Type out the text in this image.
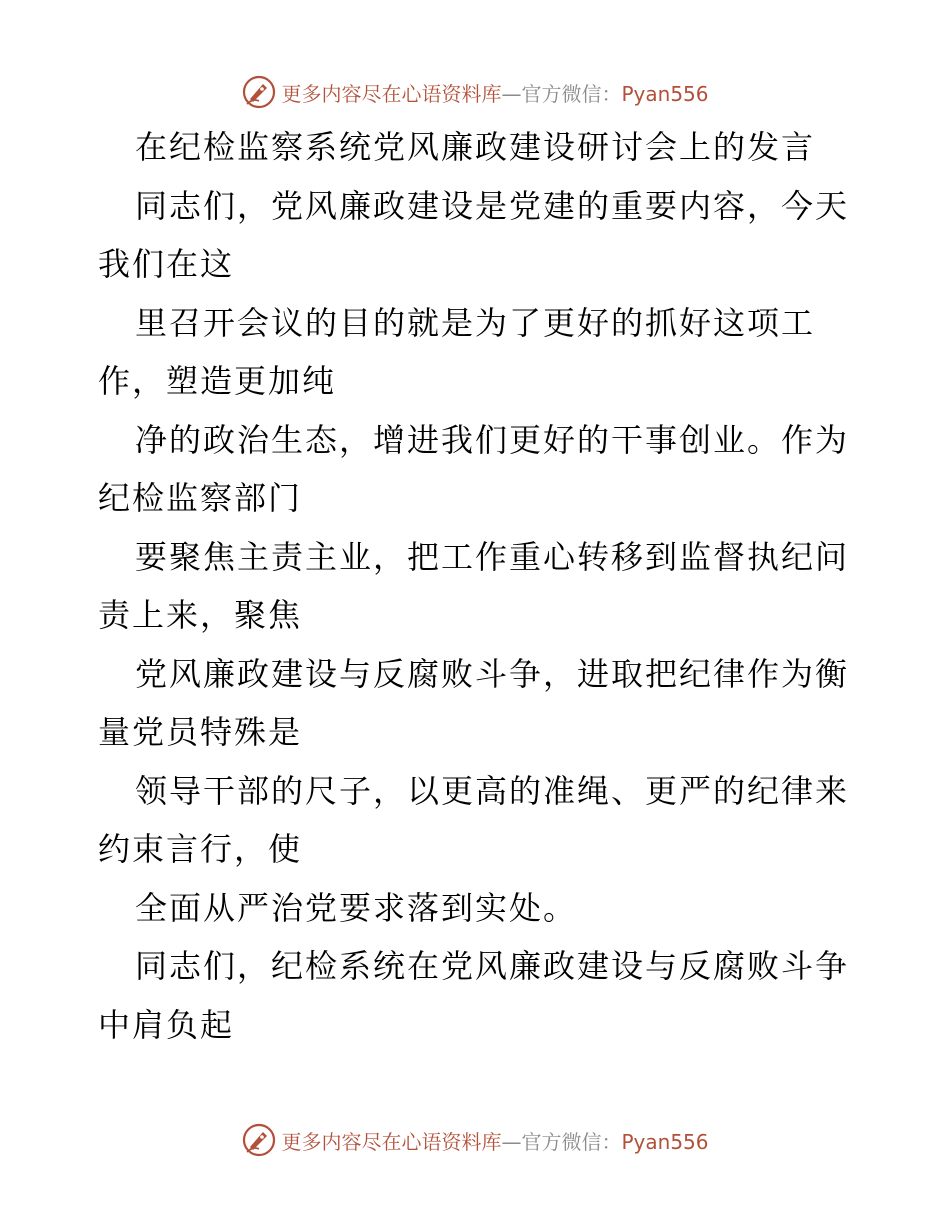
更多内容尽在心语资料库—官方微信：Pyan556
在纪检监察系统党风廉政建设研讨会上的发言
同志们，党风廉政建设是党建的重要内容，今天
我们在这
里召开会议的目的就是为了更好的抓好这项工
作，塑造更加纯
净的政治生态，增进我们更好的干事创业。作为
纪检监察部门
要聚焦主责主业，把工作重心转移到监督执纪问
责上来，聚焦
党风廉政建设与反腐败斗争，进取把纪律作为衡
量党员特殊是
领导干部的尺子，以更高的准绳、更严的纪律来
约束言行，使
全面从严治党要求落到实处。
同志们，纪检系统在党风廉政建设与反腐败斗争
中肩负起
更多内容尽在心语资料库—官方微信：Pyan556
